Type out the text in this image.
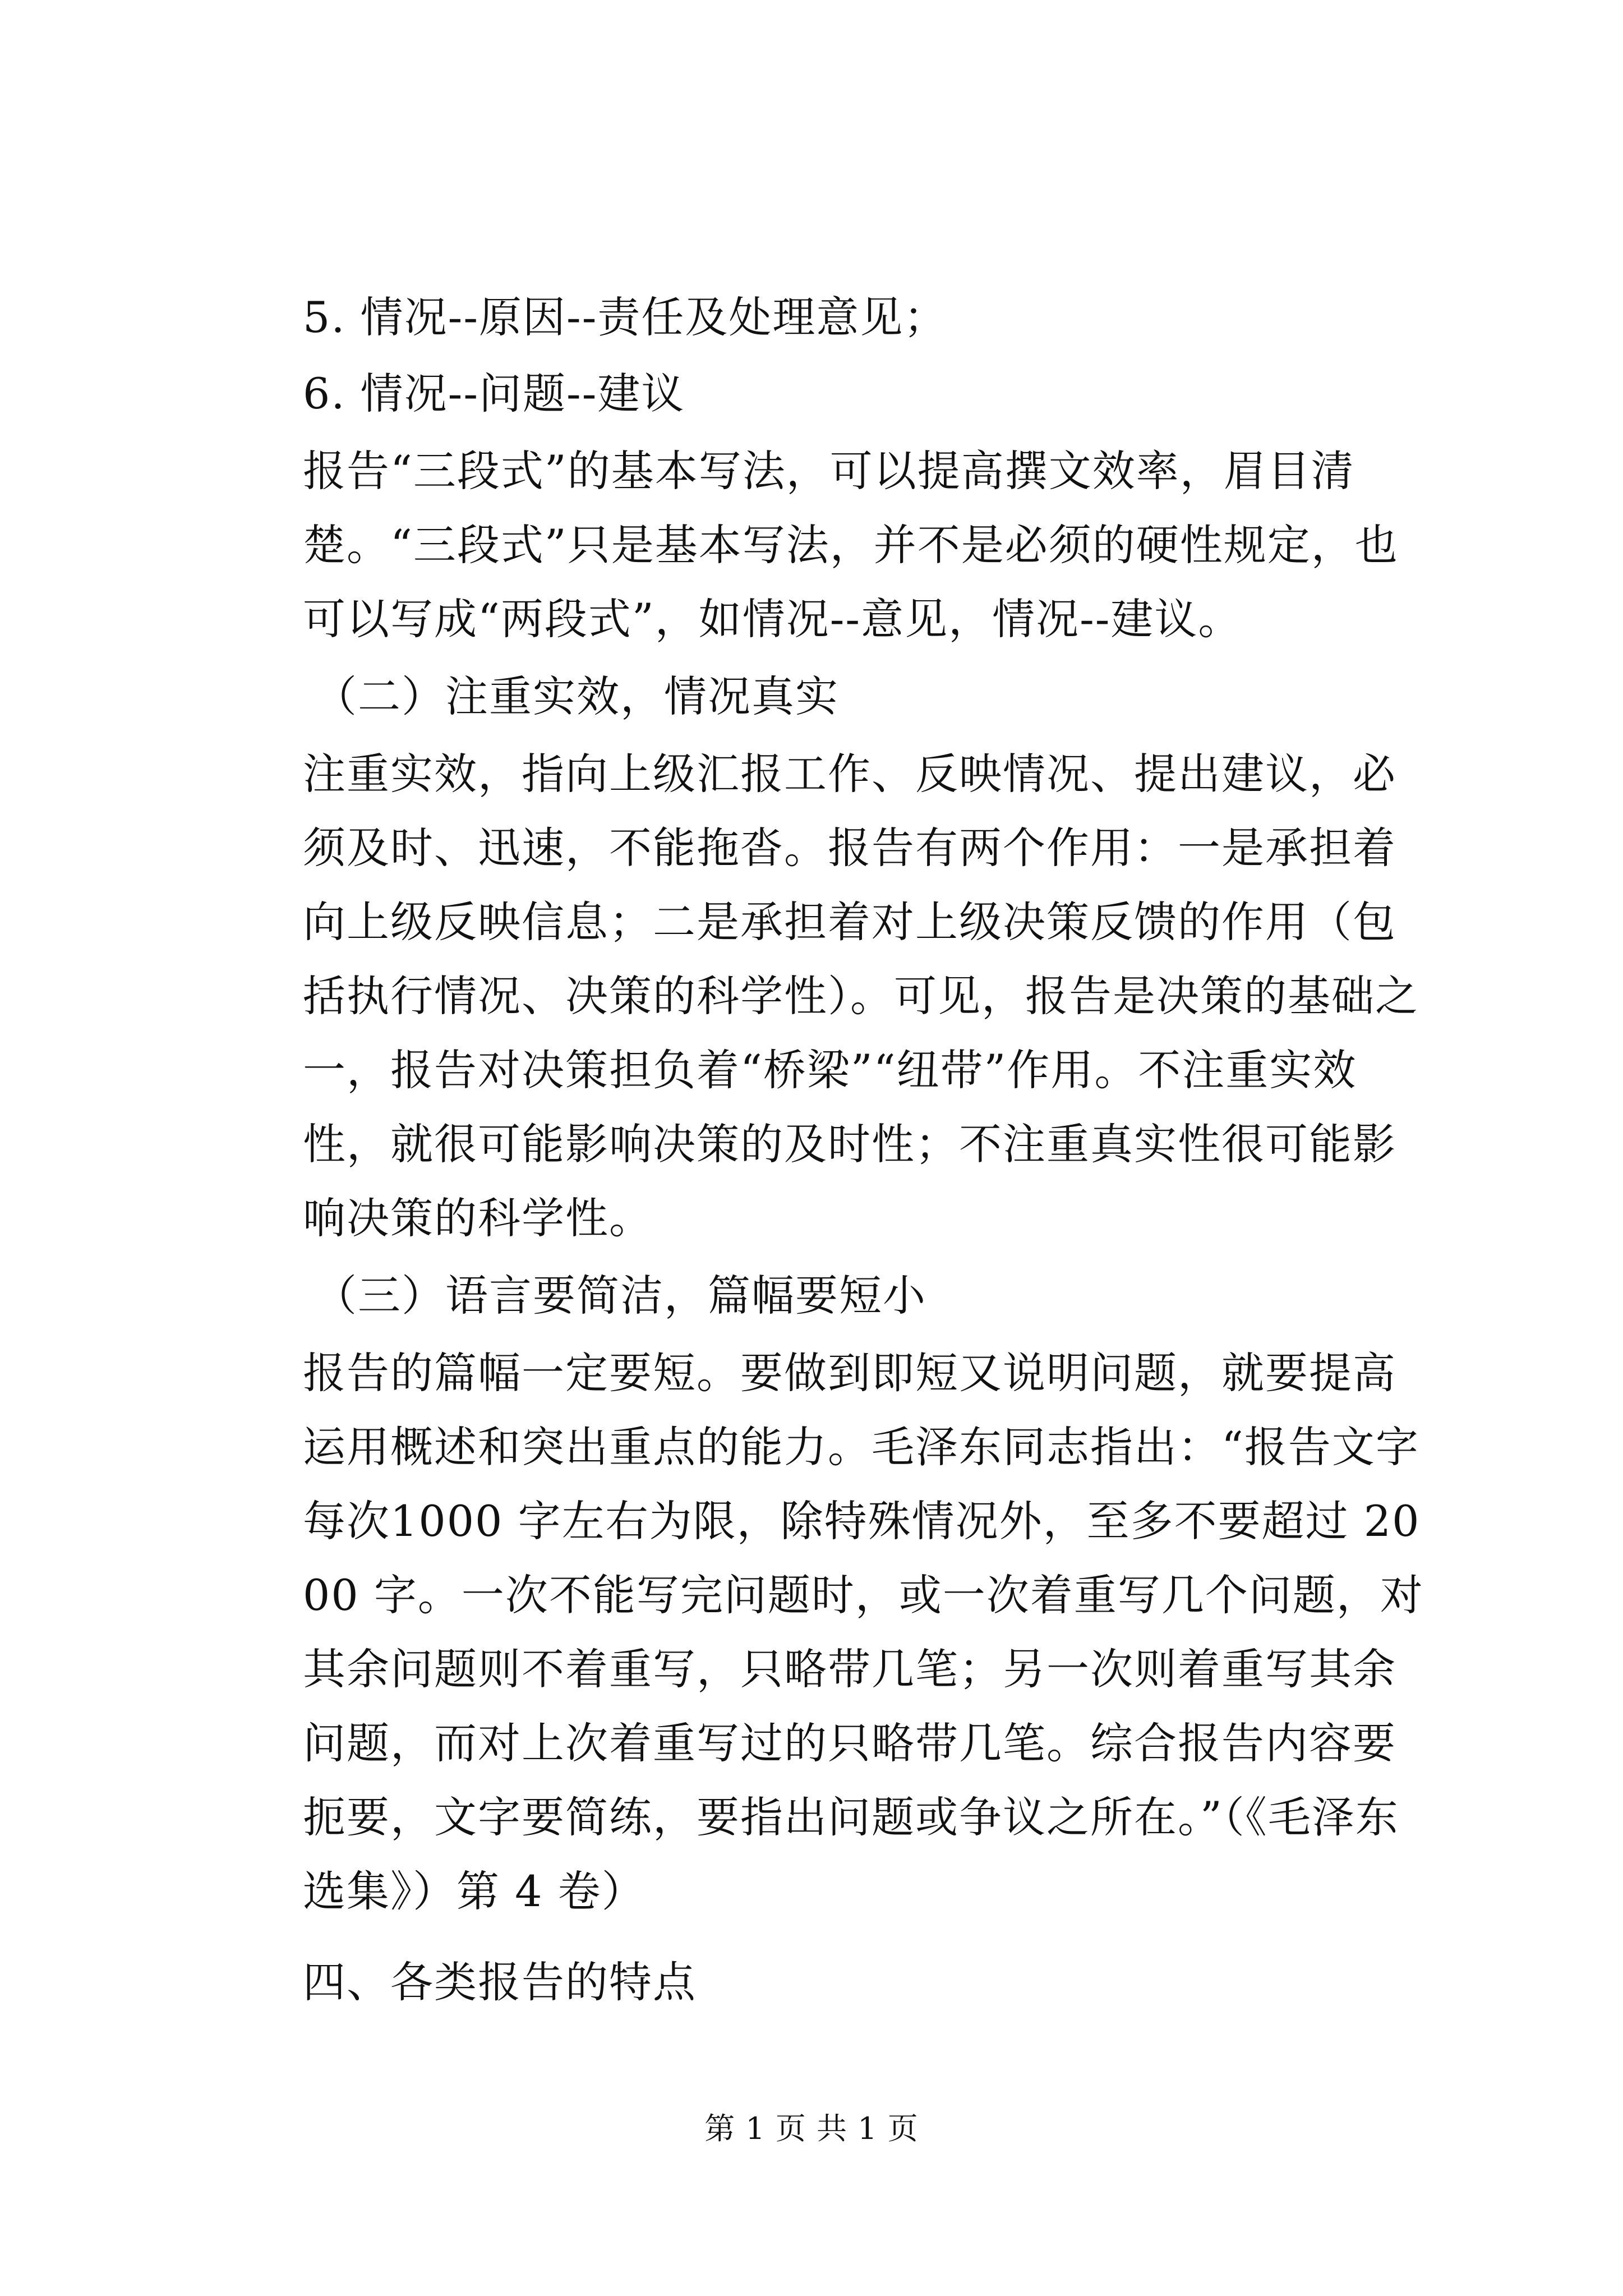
5. 情况--原因--责任及处理意见；

6. 情况--问题--建议

报告“三段式”的基本写法，可以提高撰文效率，眉目清楚。“三段式”只是基本写法，并不是必须的硬性规定，也可以写成“两段式”，如情况--意见，情况--建议。

（二）注重实效，情况真实

注重实效，指向上级汇报工作、反映情况、提出建议，必须及时、迅速，不能拖沓。报告有两个作用：一是承担着向上级反映信息；二是承担着对上级决策反馈的作用（包括执行情况、决策的科学性）。可见，报告是决策的基础之一，报告对决策担负着“桥梁”“纽带”作用。不注重实效性，就很可能影响决策的及时性；不注重真实性很可能影响决策的科学性。

（三）语言要简洁，篇幅要短小

报告的篇幅一定要短。要做到即短又说明问题，就要提高运用概述和突出重点的能力。毛泽东同志指出：“报告文字每次1000 字左右为限，除特殊情况外，至多不要超过 2000 字。一次不能写完问题时，或一次着重写几个问题，对其余问题则不着重写，只略带几笔；另一次则着重写其余问题，而对上次着重写过的只略带几笔。综合报告内容要扼要，文字要简练，要指出问题或争议之所在。”（《毛泽东选集》）第 4 卷）

四、各类报告的特点

第 1 页 共 1 页
